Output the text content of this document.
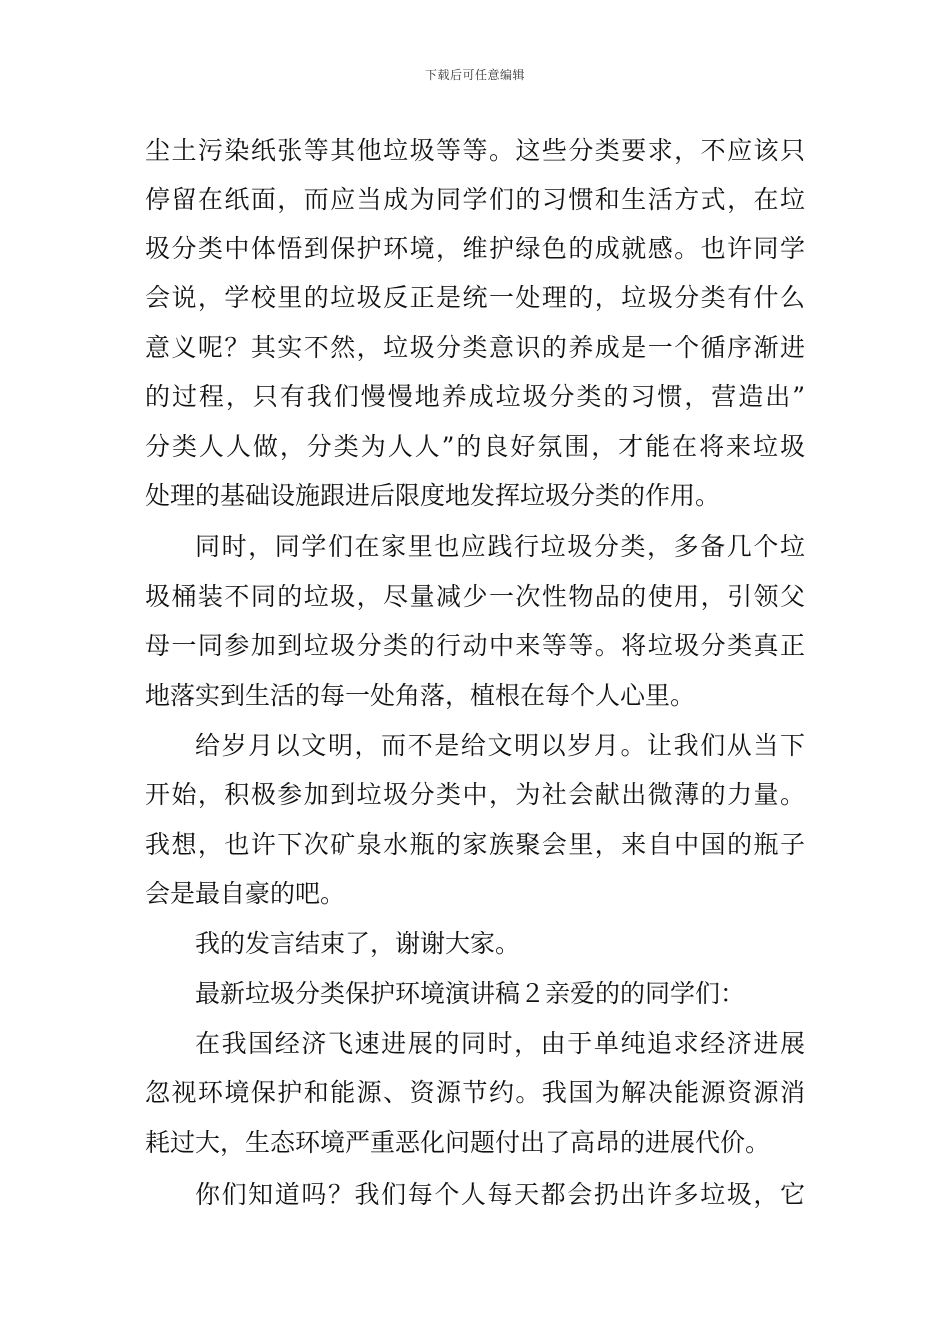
下载后可任意编辑
尘土污染纸张等其他垃圾等等。这些分类要求，不应该只
停留在纸面，而应当成为同学们的习惯和生活方式，在垃
圾分类中体悟到保护环境，维护绿色的成就感。也许同学
会说，学校里的垃圾反正是统一处理的，垃圾分类有什么
意义呢？其实不然，垃圾分类意识的养成是一个循序渐进
的过程，只有我们慢慢地养成垃圾分类的习惯，营造出”
分类人人做，分类为人人”的良好氛围，才能在将来垃圾
处理的基础设施跟进后限度地发挥垃圾分类的作用。
同时，同学们在家里也应践行垃圾分类，多备几个垃
圾桶装不同的垃圾，尽量减少一次性物品的使用，引领父
母一同参加到垃圾分类的行动中来等等。将垃圾分类真正
地落实到生活的每一处角落，植根在每个人心里。
给岁月以文明，而不是给文明以岁月。让我们从当下
开始，积极参加到垃圾分类中，为社会献出微薄的力量。
我想，也许下次矿泉水瓶的家族聚会里，来自中国的瓶子
会是最自豪的吧。
我的发言结束了，谢谢大家。
最新垃圾分类保护环境演讲稿２亲爱的的同学们：
在我国经济飞速进展的同时，由于单纯追求经济进展
忽视环境保护和能源、资源节约。我国为解决能源资源消
耗过大，生态环境严重恶化问题付出了高昂的进展代价。
你们知道吗？我们每个人每天都会扔出许多垃圾，它
